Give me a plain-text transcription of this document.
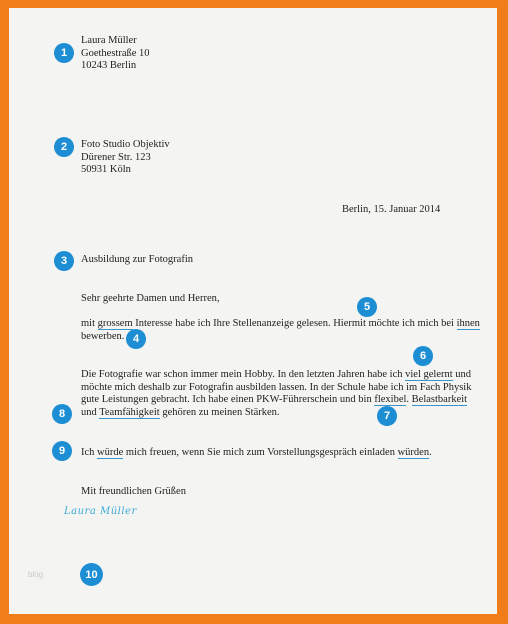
Laura Müller
Goethestraße 10
10243 Berlin
Foto Studio Objektiv
Dürener Str. 123
50931 Köln
Berlin, 15. Januar 2014
Ausbildung zur Fotografin
Sehr geehrte Damen und Herren,
mit grossem Interesse habe ich Ihre Stellenanzeige gelesen. Hiermit möchte ich mich bei ihnen
bewerben.
Die Fotografie war schon immer mein Hobby. In den letzten Jahren habe ich viel gelernt und
möchte mich deshalb zur Fotografin ausbilden lassen. In der Schule habe ich im Fach Physik
gute Leistungen gebracht. Ich habe einen PKW-Führerschein und bin flexibel. Belastbarkeit
und Teamfähigkeit gehören zu meinen Stärken.
Ich würde mich freuen, wenn Sie mich zum Vorstellungsgespräch einladen würden.
Mit freundlichen Grüßen
Laura Müller
blog
1
2
3
4
5
6
7
8
9
10
